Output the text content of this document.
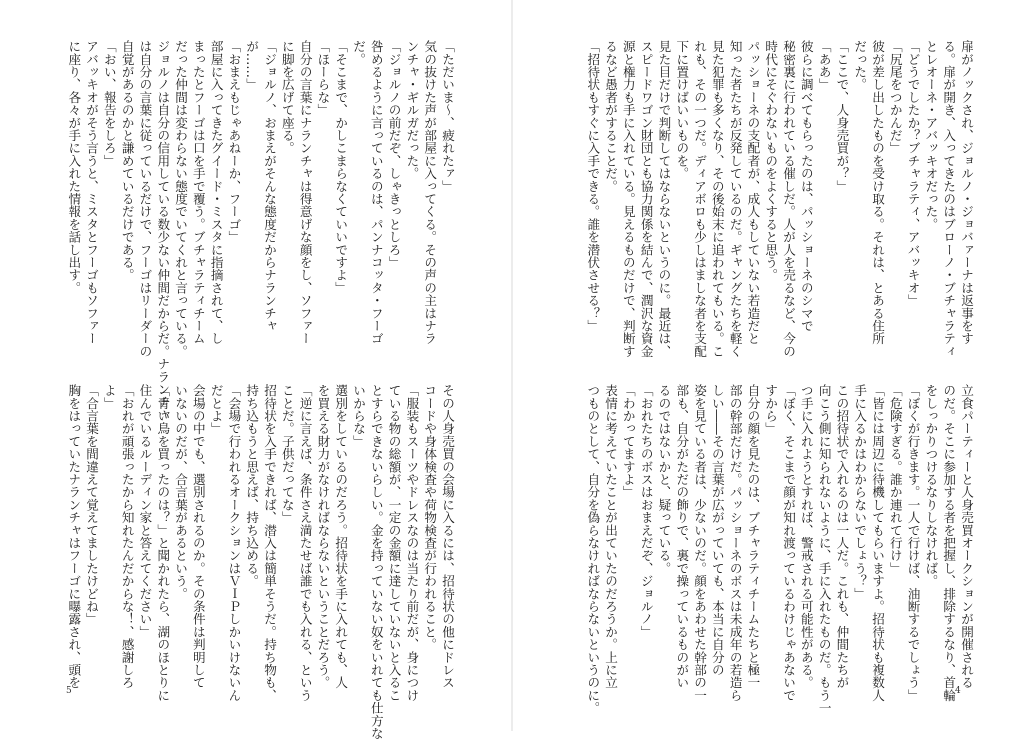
「ただいま〜、疲れたァ」
気の抜けた声が部屋に入ってくる。その声の主はナラ
ンチャ・ギルガだった。
「ジョルノの前だぞ、しゃきっとしろ」
咎めるように言っているのは、パンナコッタ・フーゴ
だ。
「そこまで、かしこまらなくていいですよ」
「ほーらな」
自分の言葉にナランチャは得意げな顔をし、ソファー
に脚を広げて座る。
「ジョルノ、おまえがそんな態度だからナランチャ
が……」
「おまえもじゃあねーか、フーゴ」
部屋に入ってきたグイード・ミスタに指摘されて、し
まったとフーゴは口を手で覆う。ブチャラティチーム
だった仲間は変わらない態度でいてくれと言っている。
ジョルノは自分の信用している数少ない仲間だからだ。ナランチャ
は自分の言葉に従っているだけで、フーゴはリーダーの
自覚があるのかと謙めているだけである。
「おい、報告をしろ」
アバッキオがそう言うと、ミスタとフーゴもソファー
に座り、各々が手に入れた情報を話し出す。
その人身売買の会場に入るには、招待状の他にドレス
コードや身体検査や荷物検査が行われること。
「服装もスーツやドレスなのは当たり前だが、身につけ
ている物の総額が、一定の金額に達していないと入るこ
とすらできないらしい。金を持っていない奴をいれても仕方な
いからな」
選別をしているのだろう。招待状を手に入れても、人
を買える財力がなければならないということだろう。
「逆に言えば、条件さえ満たせば誰でも入れる、という
ことだ。子供だってな」
招待状を入手できれば、潜入は簡単そうだ。持ち物も、
持ち込もうと思えば、持ち込める。
「会場で行われるオークションはＶＩＰしかいけないん
だとよ」
会場の中でも、選別されるのか。その条件は判明して
いないのだが、合言葉があるという。
「青い鳥を買ったのは？」と聞かれたら、湖のほとりに
住んでいるルーディン家と答えてください」
「おれが頑張ったから知れたんだからな！、感謝しろ
よ」
「合言葉を間違えて覚えてましたけどね」
胸をはっていたナランチャはフーゴに曝露され、頭を
5
扉がノックされ、ジョルノ・ジョバァーナは返事をす
る。扉が開き、入ってきたのはブローノ・ブチャラティ
とレオーネ・アバッキオだった。
「どうでしたか？ブチャラティ、アバッキオ」
「尻尾をつかんだ」
彼が差し出したものを受け取る。それは、とある住所
だった。
「ここで、人身売買が？」
「ああ」
彼らに調べてもらったのは、パッショーネのシマで
秘密裏に行われている催しだ。人が人を売るなど、今の
時代にそぐわないものをよくすると思う。
パッショーネの支配者が、成人もしていない若造だと
知った者たちが反発しているのだ。ギャングたちを軽く
見た犯罪も多くなり、その後始末に追われてもいる。こ
れも、その一つだ。ディアボロも少しはましな者を支配
下に置けばいいものを。
見た目だけで判断してはならないというのに。最近は、
スピードワゴン財団とも協力関係を結んで、潤沢な資金
源と権力も手に入れている。見えるものだけで、判断す
るなど愚者がすることだ。
「招待状もすぐに入手できる。誰を潜伏させる？」
立食パーティーと人身売買オークションが開催される
のだ。そこに参加する者を把握し、排除するなり、首輪
をしっかりつけるなりしなければ。
「ぼくが行きます。一人で行けば、油断するでしょう」
「危険すぎる。誰か連れて行け」
「皆には周辺に待機してもらいますよ。招待状も複数人
手に入るかはわからないでしょう？」
この招待状で入れるのは一人だ。これも、仲間たちが
向こう側に知られないように、手に入れたものだ。もう一
つ手に入れようとすれば、警戒される可能性がある。
「ぼく、そこまで顔が知れ渡っているわけじゃあないで
すから」
自分の顔を見たのは、ブチャラティチームたちと極一
部の幹部だけだ。パッショーネのボスは未成年の若造ら
しい――その言葉が広がっていても、本当に自分の
姿を見ている者は、少ないのだ。顔をあわせた幹部の一
部も、自分がただの飾りで、裏で操っているものがい
るのではないかと、疑っている。
「おれたちのボスはおまえだぞ、ジョルノ」
「わかってますよ」
表情に考えていたことが出ていたのだろうか。上に立
つものとして、自分を偽らなければならないというのに。	4
